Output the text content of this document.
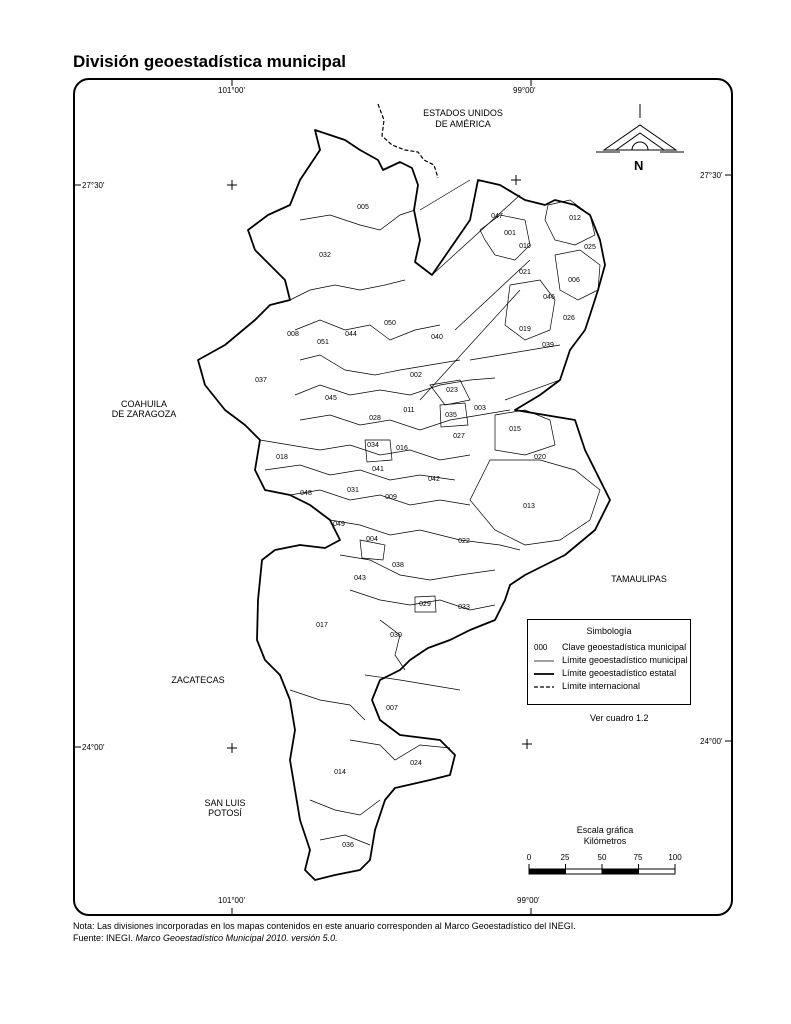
División geoestadística municipal
101°00'	99°00'
27°30'
27°30'
24°00'
24°00'
101°00'	99°00'
ESTADOS UNIDOS DE AMÉRICA
COAHUILA
DE ZARAGOZA
TAMAULIPAS
ZACATECAS
SAN LUIS
POTOSÍ
N
005
032
047
001
010
012
025
021
006
046
026
019
039
008
051
044
050
040
037
002
023
045
028
011
035
003
015
018
034 016
027
020
041
042
031
048
009
013
049
004	022
038
043
029	033
017
030
007
014
024
036
Simbología
000	Clave geoestadística municipal
Límite geoestadístico municipal
Límite geoestadístico estatal
Límite internacional
Ver cuadro 1.2
Escala gráfica
Kilómetros
0	25	50	75	100
Nota: Las divisiones incorporadas en los mapas contenidos en este anuario corresponden al Marco Geoestadístico del INEGI.
Fuente: INEGI. Marco Geoestadístico Municipal 2010. versión 5.0.
